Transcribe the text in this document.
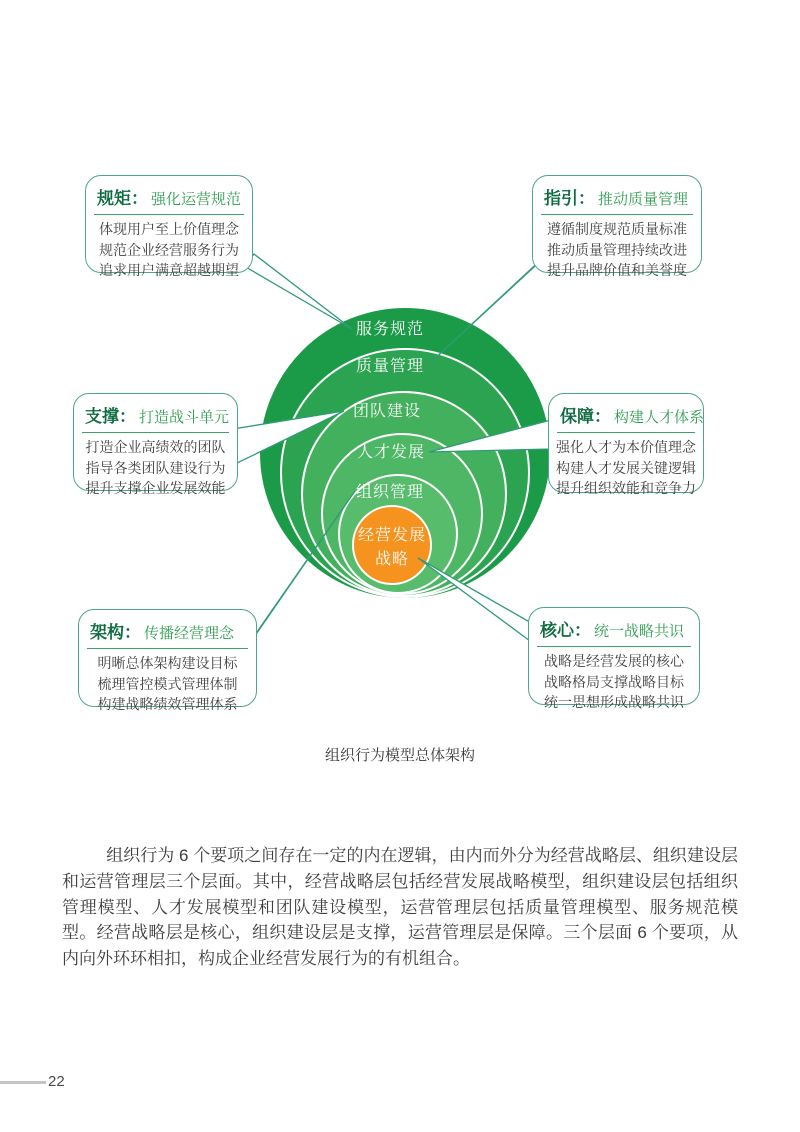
服务规范
质量管理
团队建设
人才发展
组织管理
经营发展
战略
规矩： 强化运营规范
体现用户至上价值理念
规范企业经营服务行为
追求用户满意超越期望
指引： 推动质量管理
遵循制度规范质量标准
推动质量管理持续改进
提升品牌价值和美誉度
支撑： 打造战斗单元
打造企业高绩效的团队
指导各类团队建设行为
提升支撑企业发展效能
保障： 构建人才体系
强化人才为本价值理念
构建人才发展关键逻辑
提升组织效能和竞争力
架构： 传播经营理念
明晰总体架构建设目标
梳理管控模式管理体制
构建战略绩效管理体系
核心： 统一战略共识
战略是经营发展的核心
战略格局支撑战略目标
统一思想形成战略共识
组织行为模型总体架构
组织行为 6 个要项之间存在一定的内在逻辑，由内而外分为经营战略层、组织建设层和运营管理层三个层面。其中，经营战略层包括经营发展战略模型，组织建设层包括组织管理模型、人才发展模型和团队建设模型，运营管理层包括质量管理模型、服务规范模型。经营战略层是核心，组织建设层是支撑，运营管理层是保障。三个层面 6 个要项，从内向外环环相扣，构成企业经营发展行为的有机组合。
22
